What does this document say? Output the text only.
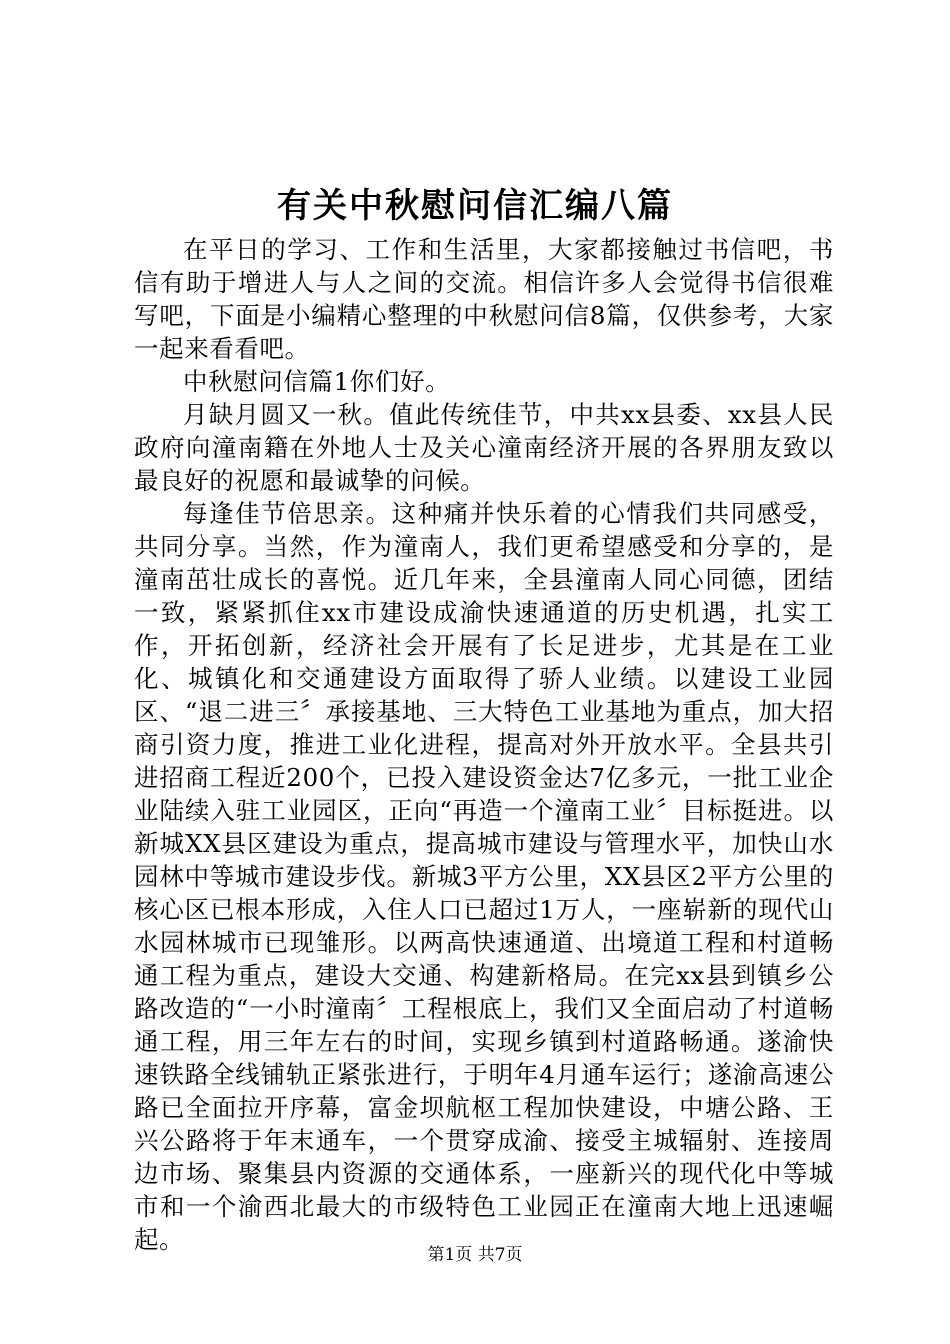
有关中秋慰问信汇编八篇

在平日的学习、工作和生活里，大家都接触过书信吧，书信有助于增进人与人之间的交流。相信许多人会觉得书信很难写吧，下面是小编精心整理的中秋慰问信8篇，仅供参考，大家一起来看看吧。

中秋慰问信篇1你们好。

月缺月圆又一秋。值此传统佳节，中共xx县委、xx县人民政府向潼南籍在外地人士及关心潼南经济开展的各界朋友致以最良好的祝愿和最诚挚的问候。

每逢佳节倍思亲。这种痛并快乐着的心情我们共同感受，共同分享。当然，作为潼南人，我们更希望感受和分享的，是潼南茁壮成长的喜悦。近几年来，全县潼南人同心同德，团结一致，紧紧抓住xx市建设成渝快速通道的历史机遇，扎实工作，开拓创新，经济社会开展有了长足进步，尤其是在工业化、城镇化和交通建设方面取得了骄人业绩。以建设工业园区、“退二进三〞承接基地、三大特色工业基地为重点，加大招商引资力度，推进工业化进程，提高对外开放水平。全县共引进招商工程近200个，已投入建设资金达7亿多元，一批工业企业陆续入驻工业园区，正向“再造一个潼南工业〞目标挺进。以新城XX县区建设为重点，提高城市建设与管理水平，加快山水园林中等城市建设步伐。新城3平方公里，XX县区2平方公里的核心区已根本形成，入住人口已超过1万人，一座崭新的现代山水园林城市已现雏形。以两高快速通道、出境道工程和村道畅通工程为重点，建设大交通、构建新格局。在完xx县到镇乡公路改造的“一小时潼南〞工程根底上，我们又全面启动了村道畅通工程，用三年左右的时间，实现乡镇到村道路畅通。遂渝快速铁路全线铺轨正紧张进行，于明年4月通车运行；遂渝高速公路已全面拉开序幕，富金坝航枢工程加快建设，中塘公路、王兴公路将于年末通车，一个贯穿成渝、接受主城辐射、连接周边市场、聚集县内资源的交通体系，一座新兴的现代化中等城市和一个渝西北最大的市级特色工业园正在潼南大地上迅速崛起。

第1页 共7页
